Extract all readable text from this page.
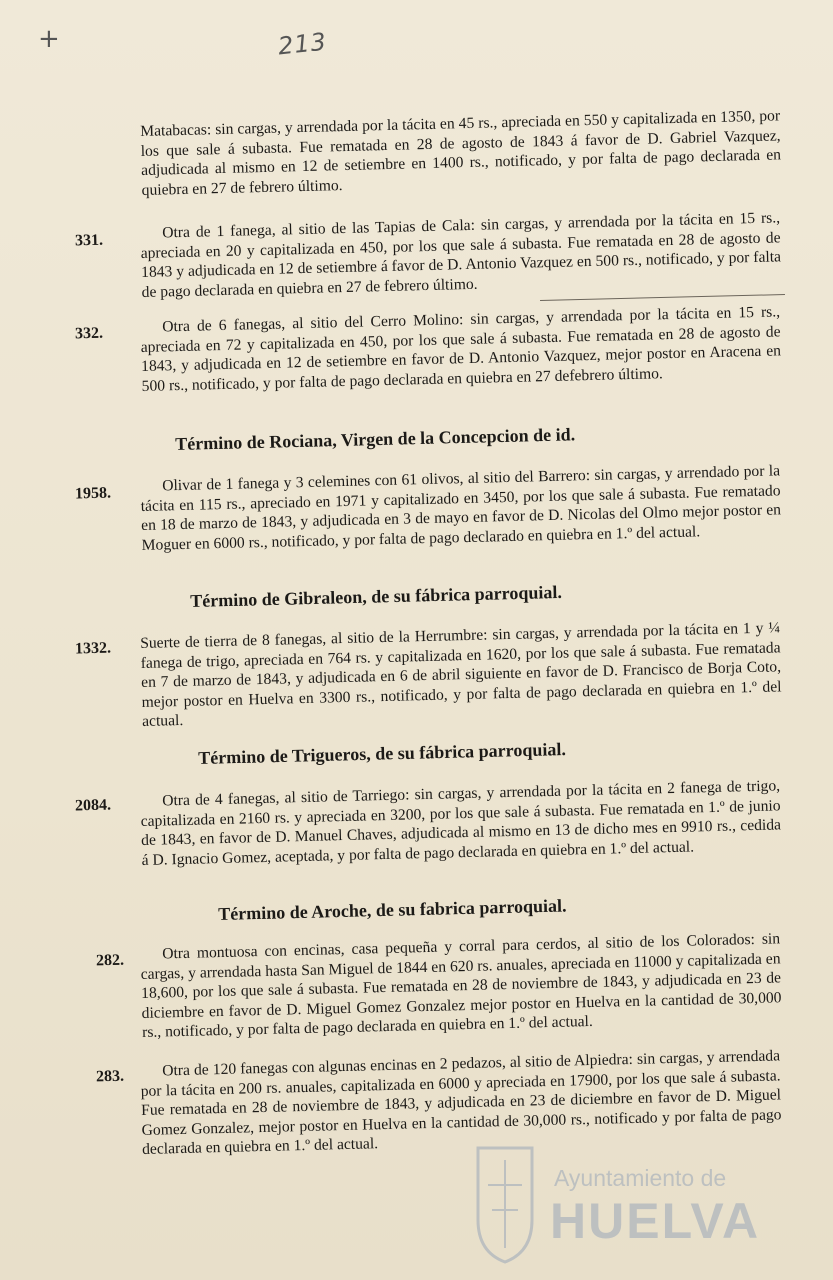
+	213
Matabacas: sin cargas, y arrendada por la tácita en 45 rs., apreciada en 550 y capitalizada en 1350, por los que sale á subasta. Fue rematada en 28 de agosto de 1843 á favor de D. Gabriel Vazquez, adjudicada al mismo en 12 de setiembre en 1400 rs., notificado, y por falta de pago declarada en quiebra en 27 de febrero último.
331.	Otra de 1 fanega, al sitio de las Tapias de Cala: sin cargas, y arrendada por la tácita en 15 rs., apreciada en 20 y capitalizada en 450, por los que sale á subasta. Fue rematada en 28 de agosto de 1843 y adjudicada en 12 de setiembre á favor de D. Antonio Vazquez en 500 rs., notificado, y por falta de pago declarada en quiebra en 27 de febrero último.
332.	Otra de 6 fanegas, al sitio del Cerro Molino: sin cargas, y arrendada por la tácita en 15 rs., apreciada en 72 y capitalizada en 450, por los que sale á subasta. Fue rematada en 28 de agosto de 1843, y adjudicada en 12 de setiembre en favor de D. Antonio Vazquez, mejor postor en Aracena en 500 rs., notificado, y por falta de pago declarada en quiebra en 27 defebrero último.
Término de Rociana, Virgen de la Concepcion de id.
1958.	Olivar de 1 fanega y 3 celemines con 61 olivos, al sitio del Barrero: sin cargas, y arrendado por la tácita en 115 rs., apreciado en 1971 y capitalizado en 3450, por los que sale á subasta. Fue rematado en 18 de marzo de 1843, y adjudicada en 3 de mayo en favor de D. Nicolas del Olmo mejor postor en Moguer en 6000 rs., notificado, y por falta de pago declarado en quiebra en 1.º del actual.
Término de Gibraleon, de su fábrica parroquial.
1332. Suerte de tierra de 8 fanegas, al sitio de la Herrumbre: sin cargas, y arrendada por la tácita en 1 y ¼ fanega de trigo, apreciada en 764 rs. y capitalizada en 1620, por los que sale á subasta. Fue rematada en 7 de marzo de 1843, y adjudicada en 6 de abril siguiente en favor de D. Francisco de Borja Coto, mejor postor en Huelva en 3300 rs., notificado, y por falta de pago declarada en quiebra en 1.º del actual.
Término de Trigueros, de su fábrica parroquial.
2084.	Otra de 4 fanegas, al sitio de Tarriego: sin cargas, y arrendada por la tácita en 2 fanega de trigo, capitalizada en 2160 rs. y apreciada en 3200, por los que sale á subasta. Fue rematada en 1.º de junio de 1843, en favor de D. Manuel Chaves, adjudicada al mismo en 13 de dicho mes en 9910 rs., cedida á D. Ignacio Gomez, aceptada, y por falta de pago declarada en quiebra en 1.º del actual.
Término de Aroche, de su fabrica parroquial.
282.	Otra montuosa con encinas, casa pequeña y corral para cerdos, al sitio de los Colorados: sin cargas, y arrendada hasta San Miguel de 1844 en 620 rs. anuales, apreciada en 11000 y capitalizada en 18,600, por los que sale á subasta. Fue rematada en 28 de noviembre de 1843, y adjudicada en 23 de diciembre en favor de D. Miguel Gomez Gonzalez mejor postor en Huelva en la cantidad de 30,000 rs., notificado, y por falta de pago declarada en quiebra en 1.º del actual.
283.	Otra de 120 fanegas con algunas encinas en 2 pedazos, al sitio de Alpiedra: sin cargas, y arrendada por la tácita en 200 rs. anuales, capitalizada en 6000 y apreciada en 17900, por los que sale á subasta. Fue rematada en 28 de noviembre de 1843, y adjudicada en 23 de diciembre en favor de D. Miguel Gomez Gonzalez, mejor postor en Huelva en la cantidad de 30,000 rs., notificado y por falta de pago declarada en quiebra en 1.º del actual.
Ayuntamiento de
HUELVA
